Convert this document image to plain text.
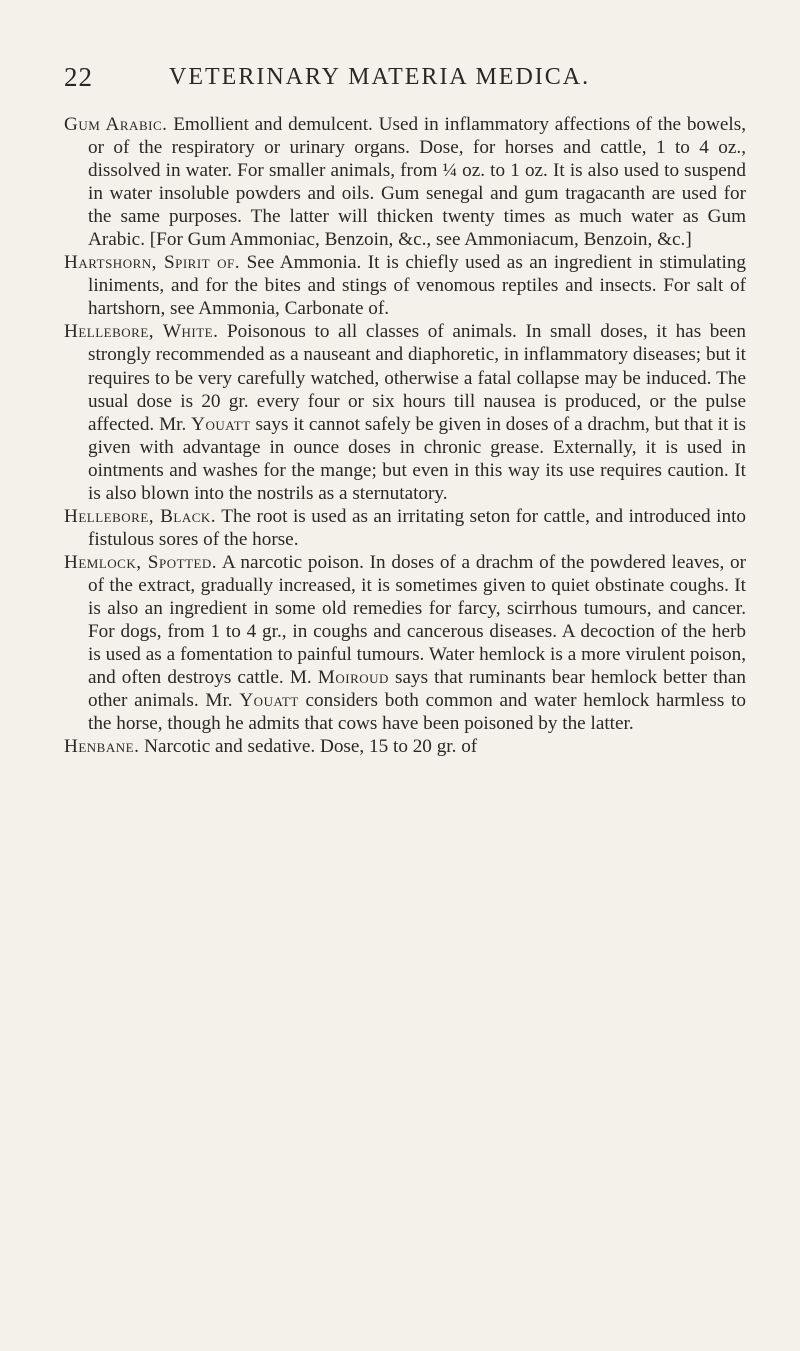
22	VETERINARY MATERIA MEDICA.

Gum Arabic. Emollient and demulcent. Used in inflammatory affections of the bowels, or of the respiratory or urinary organs. Dose, for horses and cattle, 1 to 4 oz., dissolved in water. For smaller animals, from ¼ oz. to 1 oz. It is also used to suspend in water insoluble powders and oils. Gum senegal and gum tragacanth are used for the same purposes. The latter will thicken twenty times as much water as Gum Arabic. [For Gum Ammoniac, Benzoin, &c., see Ammoniacum, Benzoin, &c.]

Hartshorn, Spirit of. See Ammonia. It is chiefly used as an ingredient in stimulating liniments, and for the bites and stings of venomous reptiles and insects. For salt of hartshorn, see Ammonia, Carbonate of.

Hellebore, White. Poisonous to all classes of animals. In small doses, it has been strongly recommended as a nauseant and diaphoretic, in inflammatory diseases; but it requires to be very carefully watched, otherwise a fatal collapse may be induced. The usual dose is 20 gr. every four or six hours till nausea is produced, or the pulse affected. Mr. Youatt says it cannot safely be given in doses of a drachm, but that it is given with advantage in ounce doses in chronic grease. Externally, it is used in ointments and washes for the mange; but even in this way its use requires caution. It is also blown into the nostrils as a sternutatory.

Hellebore, Black. The root is used as an irritating seton for cattle, and introduced into fistulous sores of the horse.

Hemlock, Spotted. A narcotic poison. In doses of a drachm of the powdered leaves, or of the extract, gradually increased, it is sometimes given to quiet obstinate coughs. It is also an ingredient in some old remedies for farcy, scirrhous tumours, and cancer. For dogs, from 1 to 4 gr., in coughs and cancerous diseases. A decoction of the herb is used as a fomentation to painful tumours. Water hemlock is a more virulent poison, and often destroys cattle. M. Moiroud says that ruminants bear hemlock better than other animals. Mr. Youatt considers both common and water hemlock harmless to the horse, though he admits that cows have been poisoned by the latter.

Henbane. Narcotic and sedative. Dose, 15 to 20 gr. of
